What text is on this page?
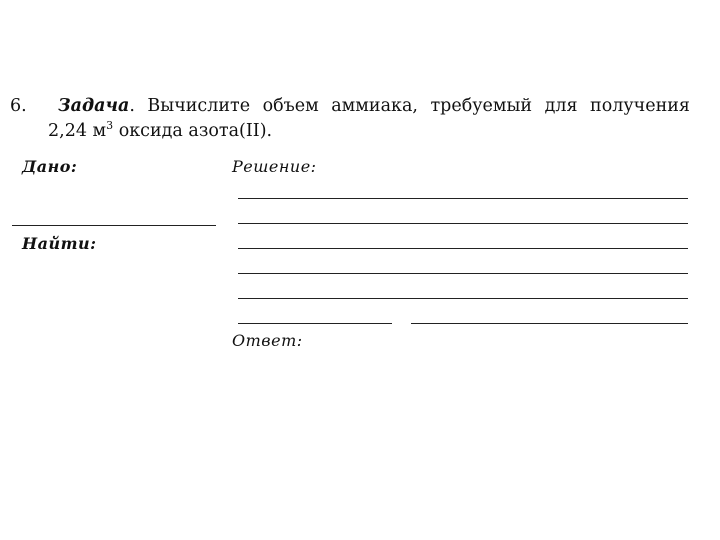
6. Задача. Вычислите объем аммиака, требуемый для получения
2,24 $м^3$ оксида азота(II).
Дано:
Найти:
Решение:
Ответ:
